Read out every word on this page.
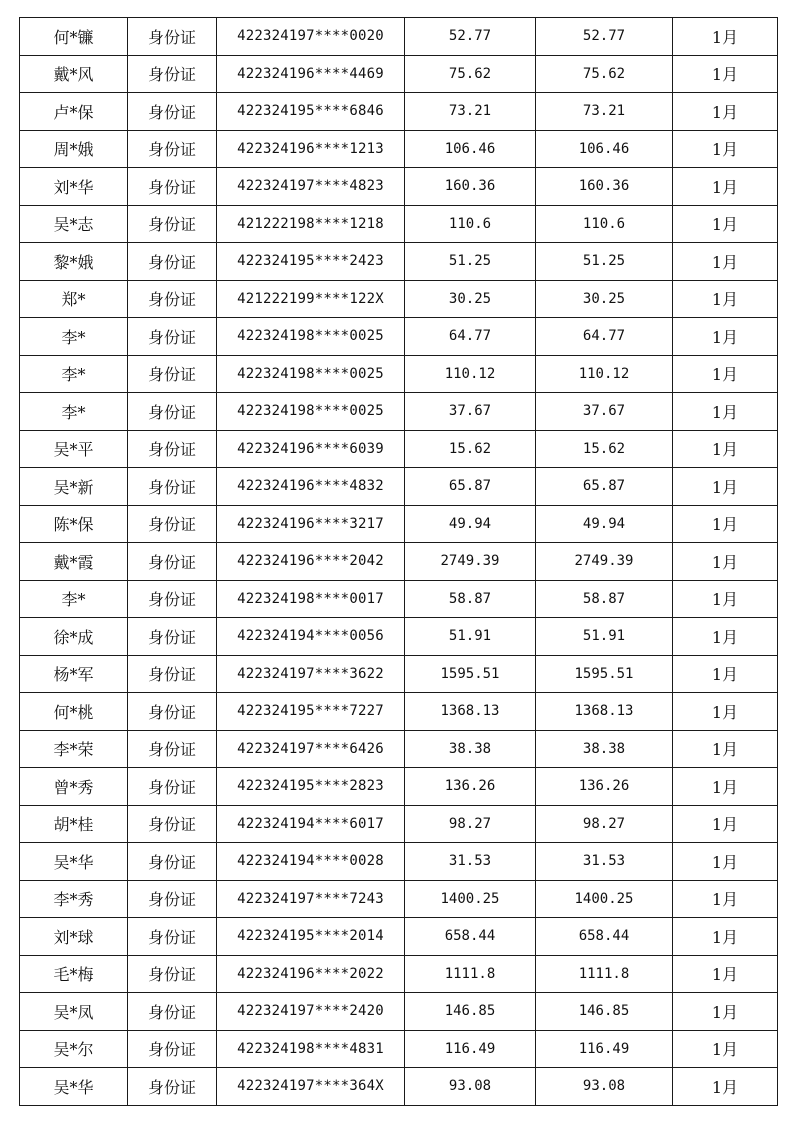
何*镰	身份证	422324197****0020	52.77	52.77	1月
戴*风	身份证	422324196****4469	75.62	75.62	1月
卢*保	身份证	422324195****6846	73.21	73.21	1月
周*娥	身份证	422324196****1213	106.46	106.46	1月
刘*华	身份证	422324197****4823	160.36	160.36	1月
吴*志	身份证	421222198****1218	110.6	110.6	1月
黎*娥	身份证	422324195****2423	51.25	51.25	1月
郑*	身份证	421222199****122X	30.25	30.25	1月
李*	身份证	422324198****0025	64.77	64.77	1月
李*	身份证	422324198****0025	110.12	110.12	1月
李*	身份证	422324198****0025	37.67	37.67	1月
吴*平	身份证	422324196****6039	15.62	15.62	1月
吴*新	身份证	422324196****4832	65.87	65.87	1月
陈*保	身份证	422324196****3217	49.94	49.94	1月
戴*霞	身份证	422324196****2042	2749.39	2749.39	1月
李*	身份证	422324198****0017	58.87	58.87	1月
徐*成	身份证	422324194****0056	51.91	51.91	1月
杨*军	身份证	422324197****3622	1595.51	1595.51	1月
何*桃	身份证	422324195****7227	1368.13	1368.13	1月
李*荣	身份证	422324197****6426	38.38	38.38	1月
曾*秀	身份证	422324195****2823	136.26	136.26	1月
胡*桂	身份证	422324194****6017	98.27	98.27	1月
吴*华	身份证	422324194****0028	31.53	31.53	1月
李*秀	身份证	422324197****7243	1400.25	1400.25	1月
刘*球	身份证	422324195****2014	658.44	658.44	1月
毛*梅	身份证	422324196****2022	1111.8	1111.8	1月
吴*凤	身份证	422324197****2420	146.85	146.85	1月
吴*尔	身份证	422324198****4831	116.49	116.49	1月
吴*华	身份证	422324197****364X	93.08	93.08	1月
